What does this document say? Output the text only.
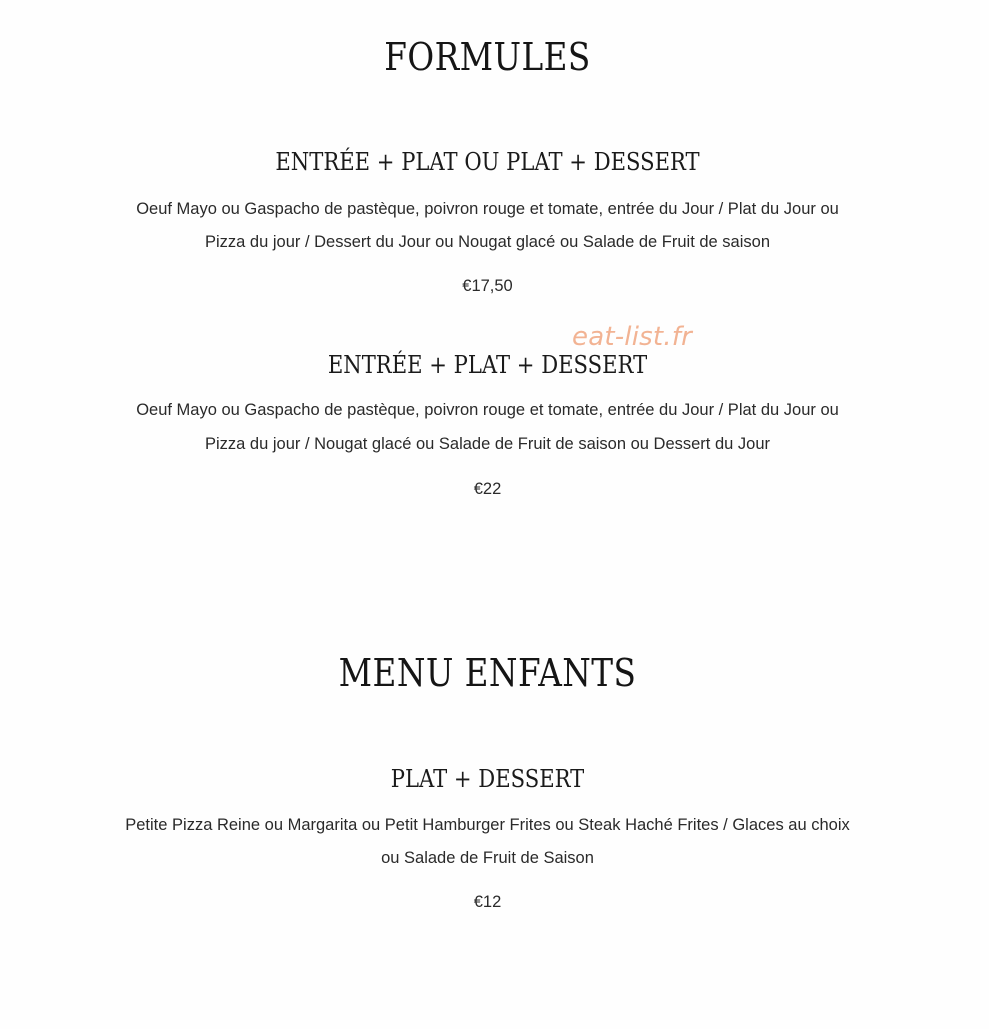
FORMULES
ENTRÉE + PLAT OU PLAT + DESSERT
Oeuf Mayo ou Gaspacho de pastèque, poivron rouge et tomate, entrée du Jour / Plat du Jour ou
Pizza du jour / Dessert du Jour ou Nougat glacé ou Salade de Fruit de saison
€17,50
eat-list.fr
ENTRÉE + PLAT + DESSERT
Oeuf Mayo ou Gaspacho de pastèque, poivron rouge et tomate, entrée du Jour / Plat du Jour ou
Pizza du jour / Nougat glacé ou Salade de Fruit de saison ou Dessert du Jour
€22
MENU ENFANTS
PLAT + DESSERT
Petite Pizza Reine ou Margarita ou Petit Hamburger Frites ou Steak Haché Frites / Glaces au choix
ou Salade de Fruit de Saison
€12
